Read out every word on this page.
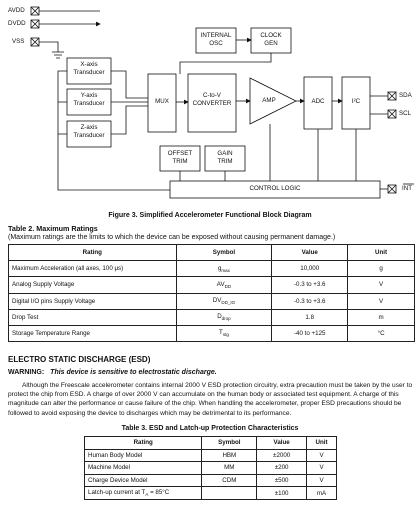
AVDD
DVDD
VSS
X-axis
Transducer
Y-axis
Transducer
Z-axis
Transducer
MUX
C-to-V
CONVERTER
INTERNAL
OSC
CLOCK
GEN
AMP	ADC	I²C
SDA
SCL
OFFSET
TRIM
GAIN
TRIM
CONTROL LOGIC	INT
Figure 3. Simplified Accelerometer Functional Block Diagram
Table 2. Maximum Ratings
(Maximum ratings are the limits to which the device can be exposed without causing permanent damage.)
Rating	Symbol	Value	Unit
Maximum Acceleration (all axes, 100 μs)	$g_{max}$	10,000	g
Analog Supply Voltage	$AV_{DD}$	-0.3 to +3.6	V
Digital I/O pins Supply Voltage	$DV_{DD\_IO}$	-0.3 to +3.6	V
Drop Test	$D_{drop}$	1.8	m
Storage Temperature Range	$T_{stg}$	-40 to +125	°C
ELECTRO STATIC DISCHARGE (ESD)
WARNING: This device is sensitive to electrostatic discharge.

Although the Freescale accelerometer contains internal 2000 V ESD protection circuitry, extra precaution must be taken by the user to protect the chip from ESD. A charge of over 2000 V can accumulate on the human body or associated test equipment. A charge of this magnitude can alter the performance or cause failure of the chip. When handling the accelerometer, proper ESD precautions should be followed to avoid exposing the device to discharges which may be detrimental to its performance.

Table 3. ESD and Latch-up Protection Characteristics
Rating	Symbol	Value	Unit
Human Body Model	HBM	±2000	V
Machine Model	MM	±200	V
Charge Device Model	CDM	±500	V
Latch-up current at $T_A = 85^\circ C$		±100	mA
